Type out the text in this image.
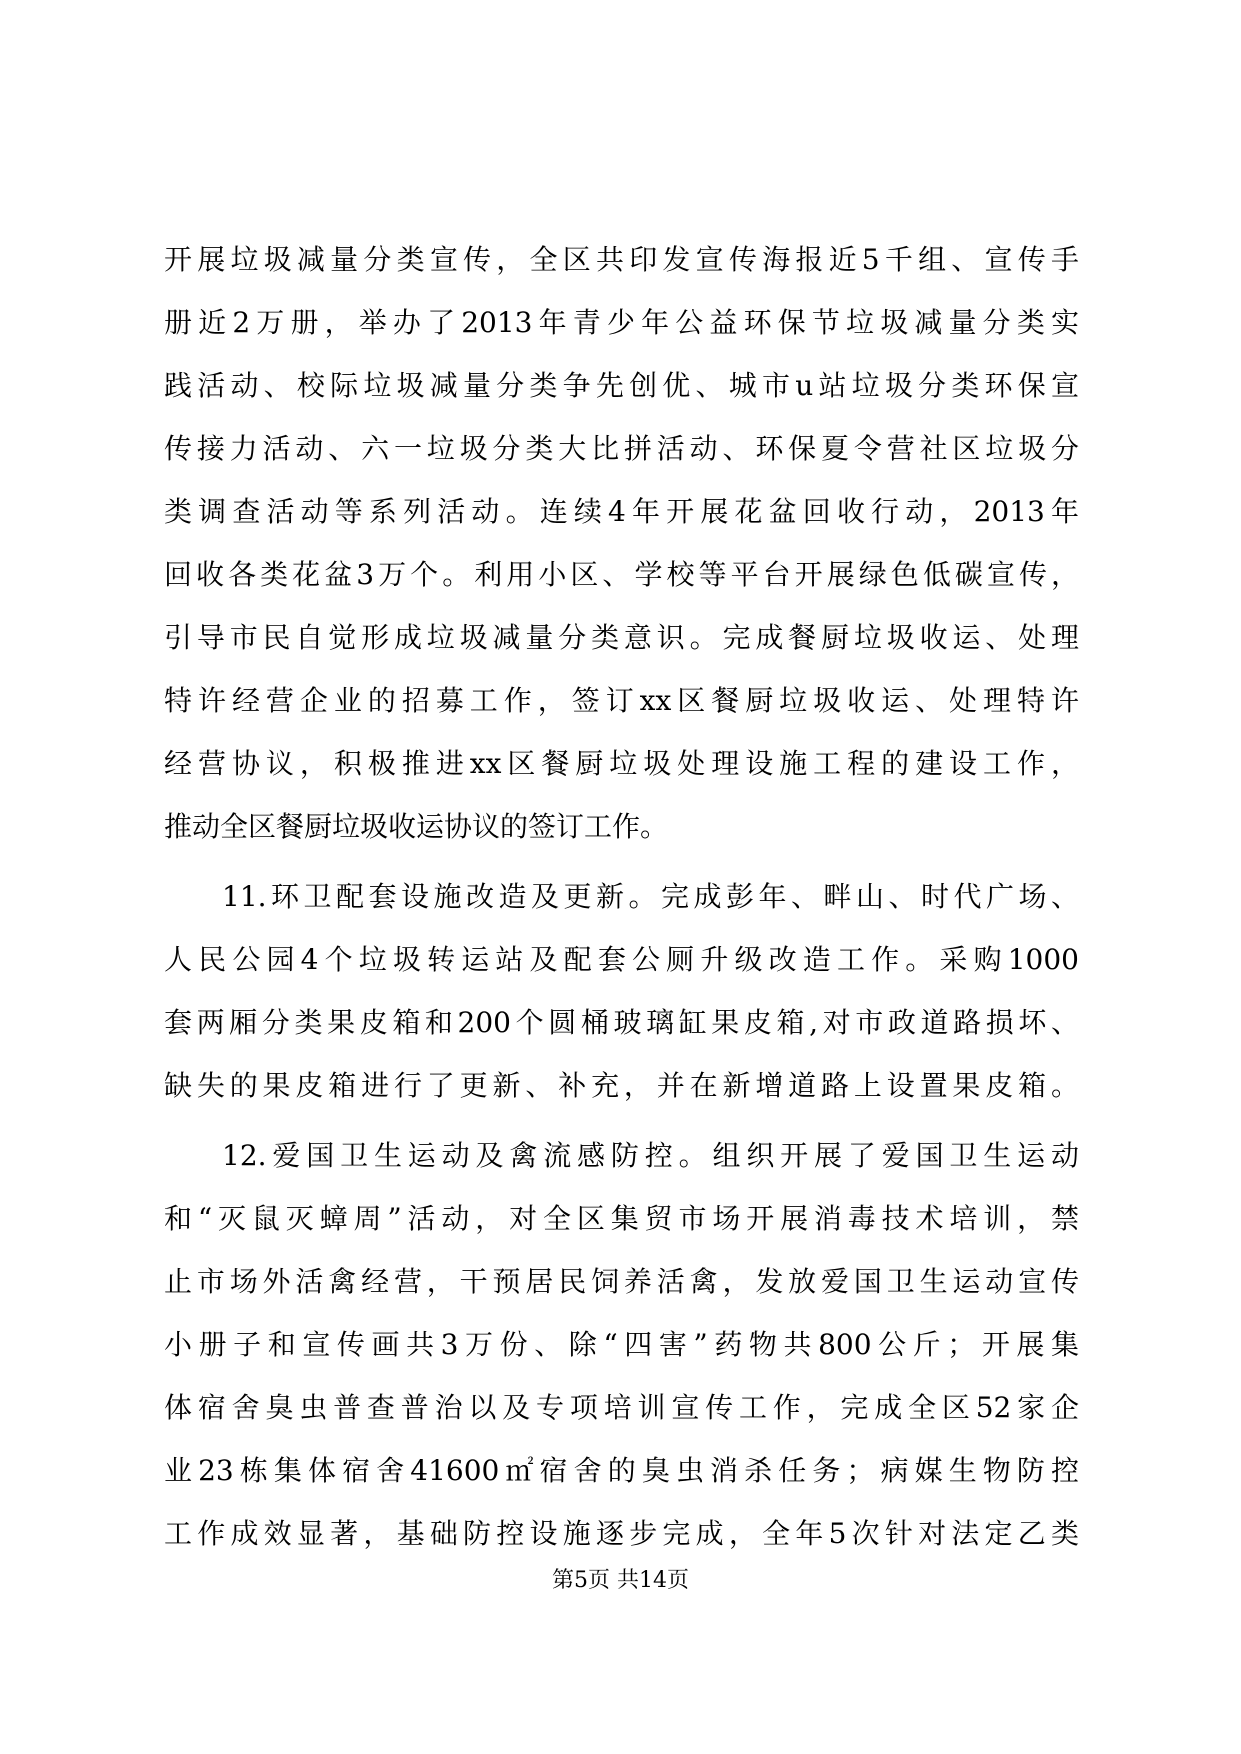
开展垃圾减量分类宣传，全区共印发宣传海报近5千组、宣传手
册近2万册，举办了2013年青少年公益环保节垃圾减量分类实
践活动、校际垃圾减量分类争先创优、城市u站垃圾分类环保宣
传接力活动、六一垃圾分类大比拼活动、环保夏令营社区垃圾分
类调查活动等系列活动。连续4年开展花盆回收行动，2013年
回收各类花盆3万个。利用小区、学校等平台开展绿色低碳宣传，
引导市民自觉形成垃圾减量分类意识。完成餐厨垃圾收运、处理
特许经营企业的招募工作，签订xx区餐厨垃圾收运、处理特许
经营协议，积极推进xx区餐厨垃圾处理设施工程的建设工作，
推动全区餐厨垃圾收运协议的签订工作。
11.环卫配套设施改造及更新。完成彭年、畔山、时代广场、
人民公园4个垃圾转运站及配套公厕升级改造工作。采购1000
套两厢分类果皮箱和200个圆桶玻璃缸果皮箱,对市政道路损坏、
缺失的果皮箱进行了更新、补充，并在新增道路上设置果皮箱。
12.爱国卫生运动及禽流感防控。组织开展了爱国卫生运动
和“灭鼠灭蟑周”活动，对全区集贸市场开展消毒技术培训，禁
止市场外活禽经营，干预居民饲养活禽，发放爱国卫生运动宣传
小册子和宣传画共3万份、除“四害”药物共800公斤；开展集
体宿舍臭虫普查普治以及专项培训宣传工作，完成全区52家企
业23栋集体宿舍41600㎡宿舍的臭虫消杀任务；病媒生物防控
工作成效显著，基础防控设施逐步完成，全年5次针对法定乙类
第5页 共14页
